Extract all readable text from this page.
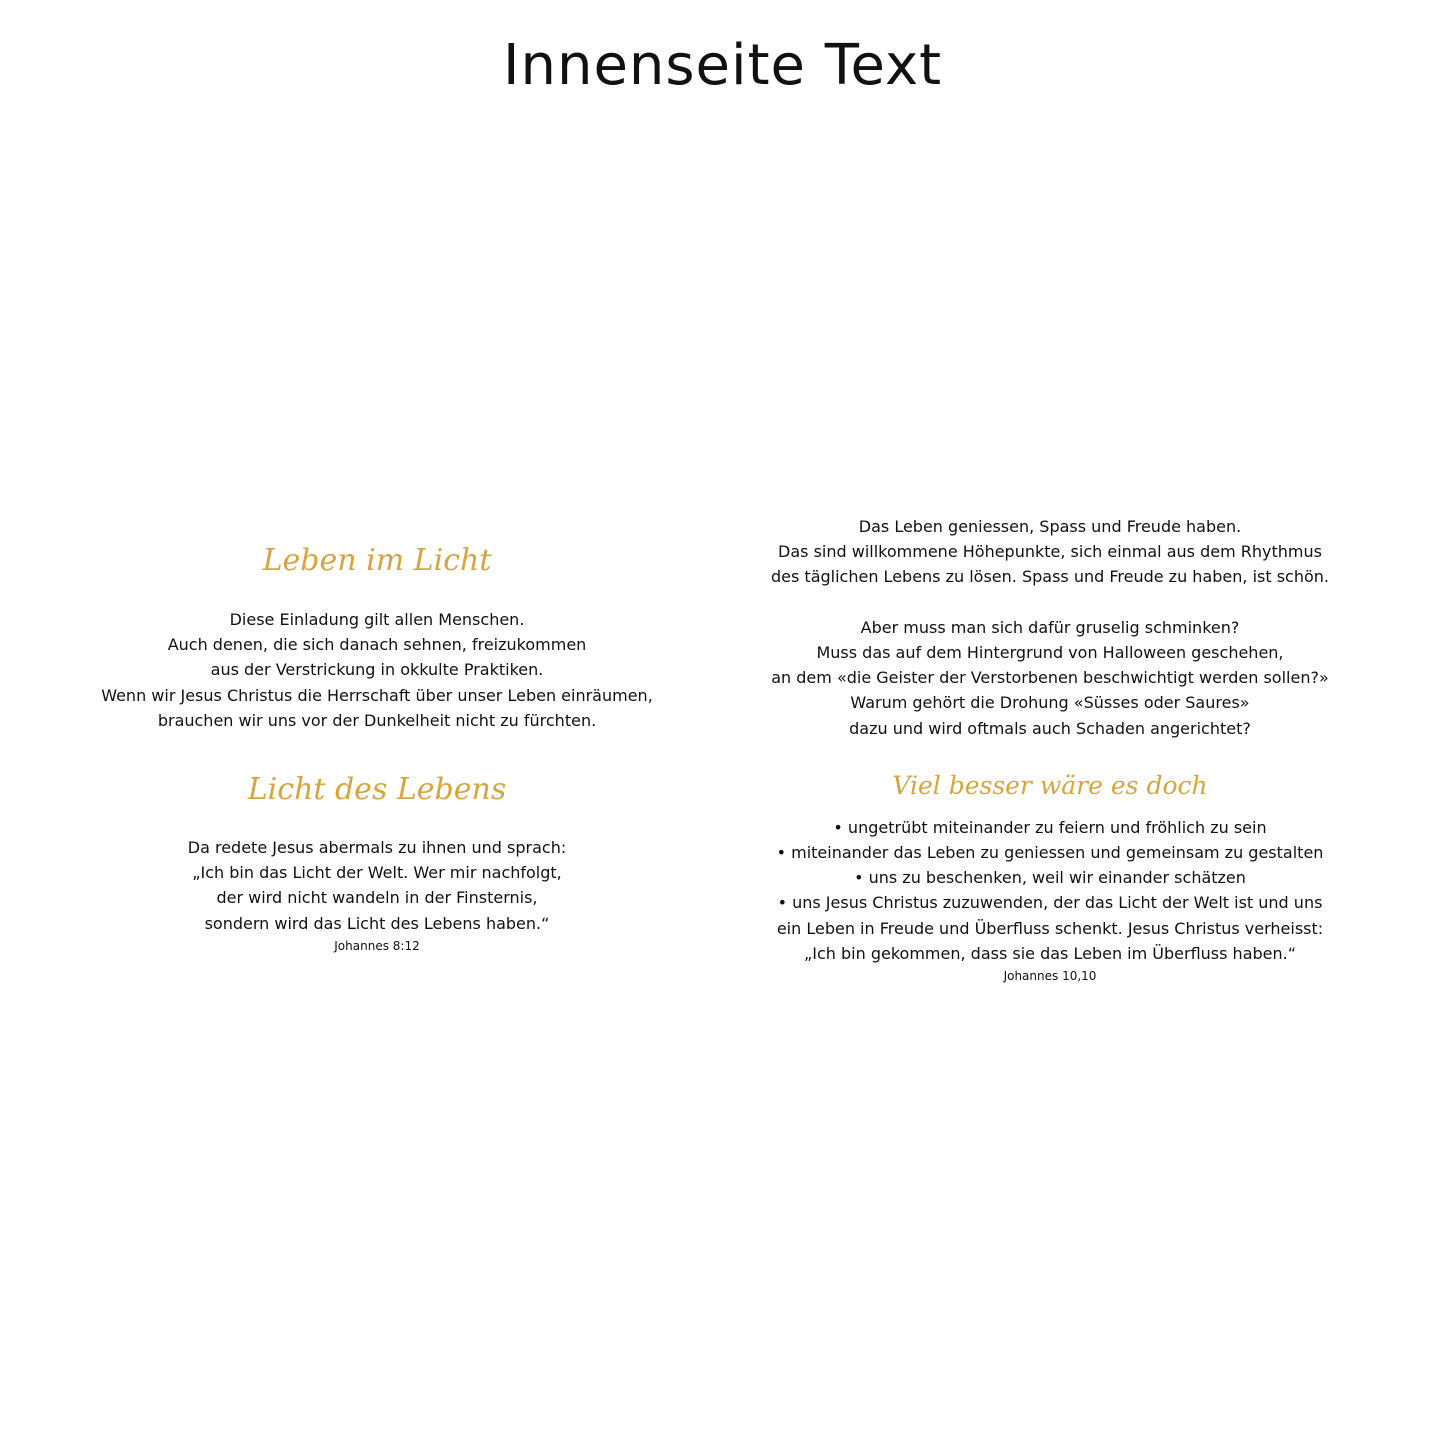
Innenseite Text
Leben im Licht

Diese Einladung gilt allen Menschen.
Auch denen, die sich danach sehnen, freizukommen
aus der Verstrickung in okkulte Praktiken.
Wenn wir Jesus Christus die Herrschaft über unser Leben einräumen,
brauchen wir uns vor der Dunkelheit nicht zu fürchten.

Licht des Lebens

Da redete Jesus abermals zu ihnen und sprach:
„Ich bin das Licht der Welt. Wer mir nachfolgt,
der wird nicht wandeln in der Finsternis,
sondern wird das Licht des Lebens haben.“

Johannes 8:12

Das Leben geniessen, Spass und Freude haben.
Das sind willkommene Höhepunkte, sich einmal aus dem Rhythmus
des täglichen Lebens zu lösen. Spass und Freude zu haben, ist schön.
Aber muss man sich dafür gruselig schminken?
Muss das auf dem Hintergrund von Halloween geschehen,
an dem «die Geister der Verstorbenen beschwichtigt werden sollen?»
Warum gehört die Drohung «Süsses oder Saures»
dazu und wird oftmals auch Schaden angerichtet?

Viel besser wäre es doch

• ungetrübt miteinander zu feiern und fröhlich zu sein
• miteinander das Leben zu geniessen und gemeinsam zu gestalten
• uns zu beschenken, weil wir einander schätzen
• uns Jesus Christus zuzuwenden, der das Licht der Welt ist und uns
ein Leben in Freude und Überfluss schenkt. Jesus Christus verheisst:
„Ich bin gekommen, dass sie das Leben im Überfluss haben.“

Johannes 10,10
